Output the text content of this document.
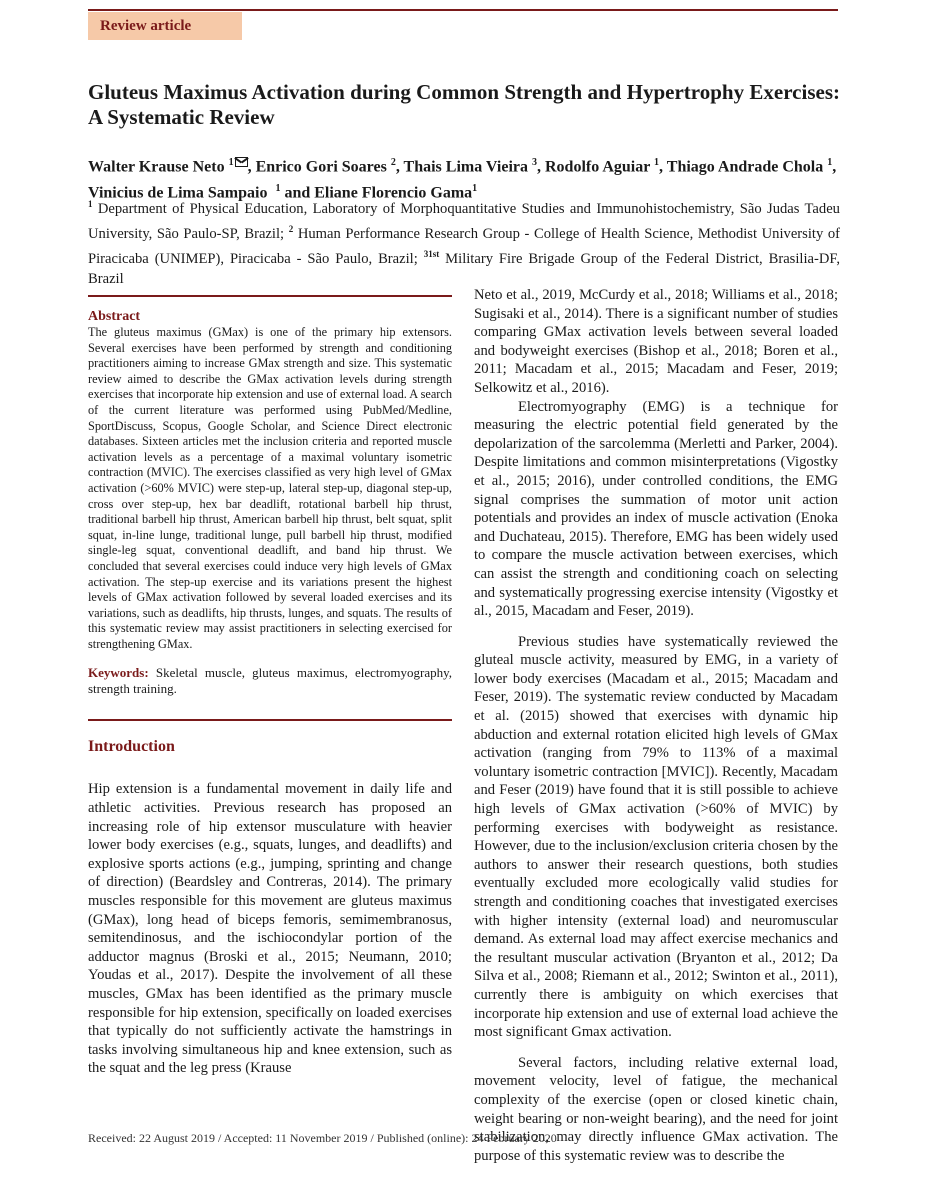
Review article
Gluteus Maximus Activation during Common Strength and Hypertrophy Exercises: A Systematic Review
Walter Krause Neto $^1$ , Enrico Gori Soares $^2$, Thais Lima Vieira $^3$, Rodolfo Aguiar $^1$, Thiago Andrade Chola $^1$, Vinicius de Lima Sampaio $^1$ and Eliane Florencio Gama$^1$
$^1$ Department of Physical Education, Laboratory of Morphoquantitative Studies and Immunohistochemistry, São Judas Tadeu University, São Paulo-SP, Brazil; $^2$ Human Performance Research Group - College of Health Science, Methodist University of Piracicaba (UNIMEP), Piracicaba - São Paulo, Brazil; $^{31st}$ Military Fire Brigade Group of the Federal District, Brasilia-DF, Brazil
Abstract

The gluteus maximus (GMax) is one of the primary hip extensors. Several exercises have been performed by strength and conditioning practitioners aiming to increase GMax strength and size. This systematic review aimed to describe the GMax activation levels during strength exercises that incorporate hip extension and use of external load. A search of the current literature was performed using PubMed/Medline, SportDiscuss, Scopus, Google Scholar, and Science Direct electronic databases. Sixteen articles met the inclusion criteria and reported muscle activation levels as a percentage of a maximal voluntary isometric contraction (MVIC). The exercises classified as very high level of GMax activation (>60% MVIC) were step-up, lateral step-up, diagonal step-up, cross over step-up, hex bar deadlift, rotational barbell hip thrust, traditional barbell hip thrust, American barbell hip thrust, belt squat, split squat, in-line lunge, traditional lunge, pull barbell hip thrust, modified single-leg squat, conventional deadlift, and band hip thrust. We concluded that several exercises could induce very high levels of GMax activation. The step-up exercise and its variations present the highest levels of GMax activation followed by several loaded exercises and its variations, such as deadlifts, hip thrusts, lunges, and squats. The results of this systematic review may assist practitioners in selecting exercised for strengthening GMax.

Keywords: Skeletal muscle, gluteus maximus, electromyography, strength training.
Introduction
Hip extension is a fundamental movement in daily life and athletic activities. Previous research has proposed an increasing role of hip extensor musculature with heavier lower body exercises (e.g., squats, lunges, and deadlifts) and explosive sports actions (e.g., jumping, sprinting and change of direction) (Beardsley and Contreras, 2014). The primary muscles responsible for this movement are gluteus maximus (GMax), long head of biceps femoris, semimembranosus, semitendinosus, and the ischiocondylar portion of the adductor magnus (Broski et al., 2015; Neumann, 2010; Youdas et al., 2017). Despite the involvement of all these muscles, GMax has been identified as the primary muscle responsible for hip extension, specifically on loaded exercises that typically do not sufficiently activate the hamstrings in tasks involving simultaneous hip and knee extension, such as the squat and the leg press (Krause

Neto et al., 2019, McCurdy et al., 2018; Williams et al., 2018; Sugisaki et al., 2014). There is a significant number of studies comparing GMax activation levels between several loaded and bodyweight exercises (Bishop et al., 2018; Boren et al., 2011; Macadam et al., 2015; Macadam and Feser, 2019; Selkowitz et al., 2016).

Electromyography (EMG) is a technique for measuring the electric potential field generated by the depolarization of the sarcolemma (Merletti and Parker, 2004). Despite limitations and common misinterpretations (Vigostky et al., 2015; 2016), under controlled conditions, the EMG signal comprises the summation of motor unit action potentials and provides an index of muscle activation (Enoka and Duchateau, 2015). Therefore, EMG has been widely used to compare the muscle activation between exercises, which can assist the strength and conditioning coach on selecting and systematically progressing exercise intensity (Vigostky et al., 2015, Macadam and Feser, 2019).

Previous studies have systematically reviewed the gluteal muscle activity, measured by EMG, in a variety of lower body exercises (Macadam et al., 2015; Macadam and Feser, 2019). The systematic review conducted by Macadam et al. (2015) showed that exercises with dynamic hip abduction and external rotation elicited high levels of GMax activation (ranging from 79% to 113% of a maximal voluntary isometric contraction [MVIC]). Recently, Macadam and Feser (2019) have found that it is still possible to achieve high levels of GMax activation (>60% of MVIC) by performing exercises with bodyweight as resistance. However, due to the inclusion/exclusion criteria chosen by the authors to answer their research questions, both studies eventually excluded more ecologically valid studies for strength and conditioning coaches that investigated exercises with higher intensity (external load) and neuromuscular demand. As external load may affect exercise mechanics and the resultant muscular activation (Bryanton et al., 2012; Da Silva et al., 2008; Riemann et al., 2012; Swinton et al., 2011), currently there is ambiguity on which exercises that incorporate hip extension and use of external load achieve the most significant Gmax activation.

Several factors, including relative external load, movement velocity, level of fatigue, the mechanical complexity of the exercise (open or closed kinetic chain, weight bearing or non-weight bearing), and the need for joint stabilization, may directly influence GMax activation. The purpose of this systematic review was to describe the

Received: 22 August 2019 / Accepted: 11 November 2019 / Published (online): 24 February 2020
